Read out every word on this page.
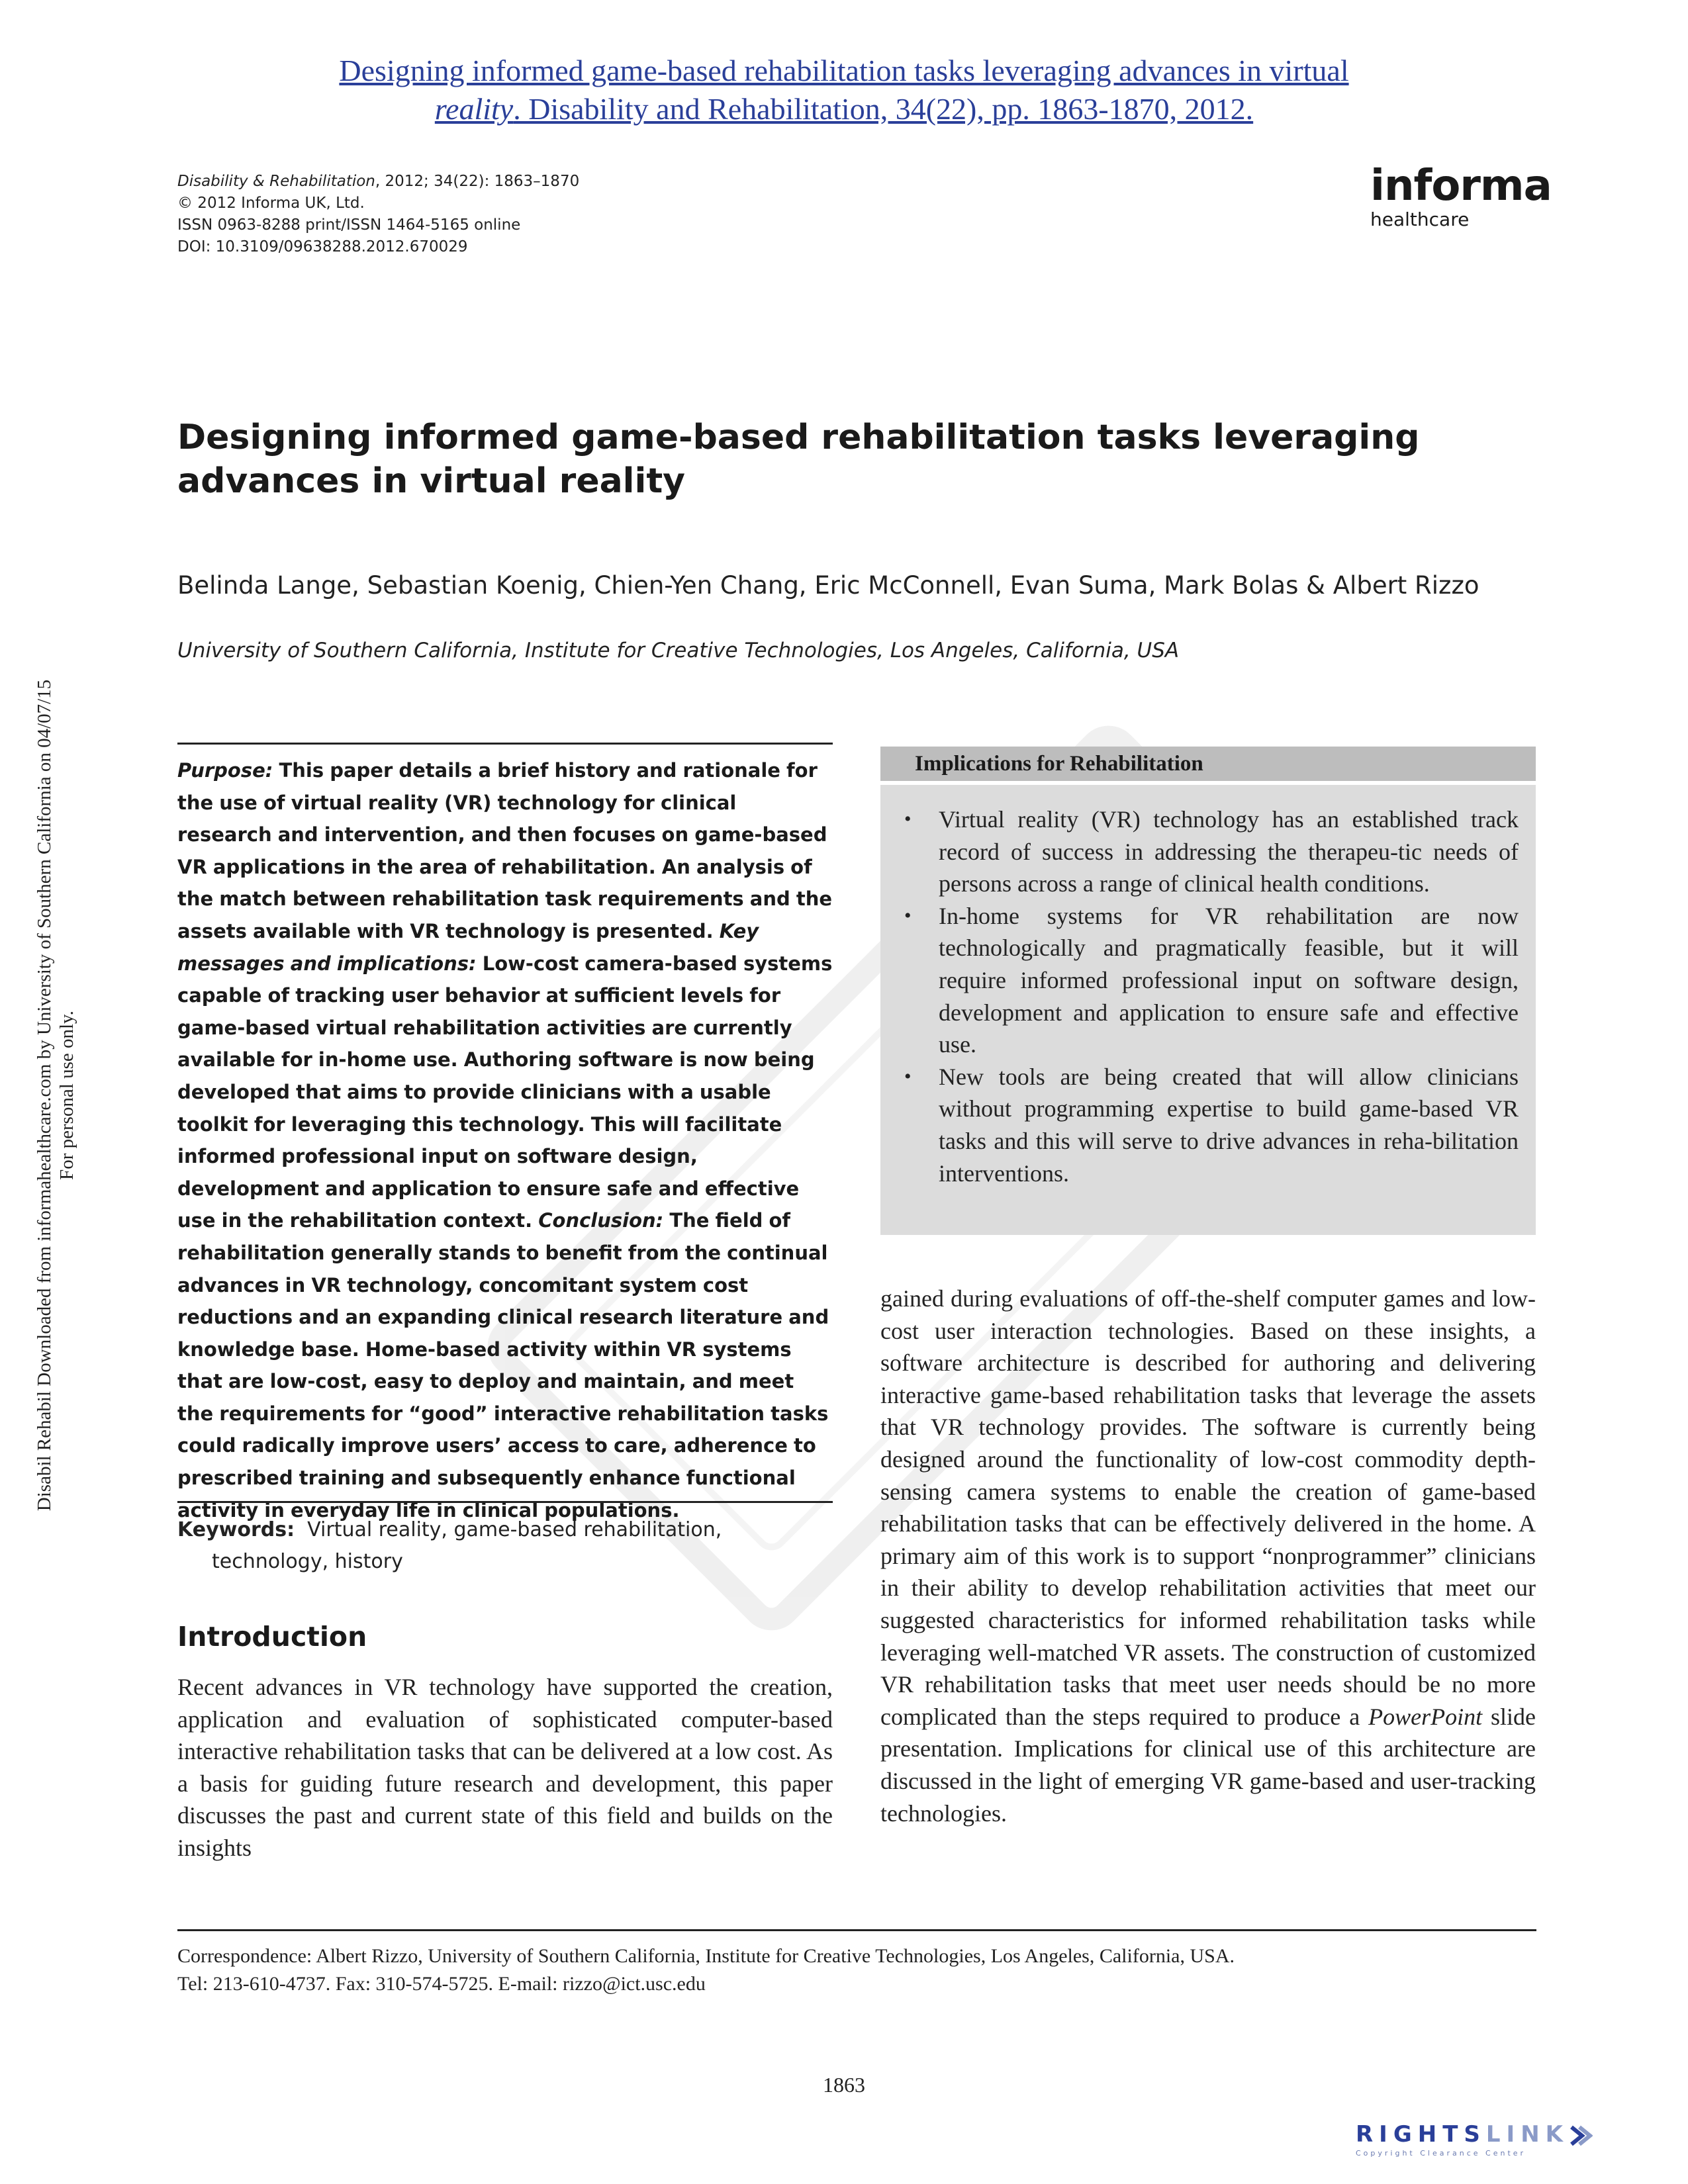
Designing informed game-based rehabilitation tasks leveraging advances in virtual
reality. Disability and Rehabilitation, 34(22), pp. 1863-1870, 2012.
Disability & Rehabilitation, 2012; 34(22): 1863–1870
© 2012 Informa UK, Ltd.
ISSN 0963-8288 print/ISSN 1464-5165 online
DOI: 10.3109/09638288.2012.670029
informa
healthcare
Designing informed game-based rehabilitation tasks leveraging advances in virtual reality
Belinda Lange, Sebastian Koenig, Chien-Yen Chang, Eric McConnell, Evan Suma, Mark Bolas & Albert Rizzo
University of Southern California, Institute for Creative Technologies, Los Angeles, California, USA
Disabil Rehabil Downloaded from informahealthcare.com by University of Southern California on 04/07/15 For personal use only.

Purpose: This paper details a brief history and rationale for the use of virtual reality (VR) technology for clinical research and intervention, and then focuses on game-based VR applications in the area of rehabilitation. An analysis of the match between rehabilitation task requirements and the assets available with VR technology is presented. Key messages and implications: Low-cost camera-based systems capable of tracking user behavior at sufficient levels for game-based virtual rehabilitation activities are currently available for in-home use. Authoring software is now being developed that aims to provide clinicians with a usable toolkit for leveraging this technology. This will facilitate informed professional input on software design, development and application to ensure safe and effective use in the rehabilitation context. Conclusion: The field of rehabilitation generally stands to benefit from the continual advances in VR technology, concomitant system cost reductions and an expanding clinical research literature and knowledge base. Home-based activity within VR systems that are low-cost, easy to deploy and maintain, and meet the requirements for “good” interactive rehabilitation tasks could radically improve users’ access to care, adherence to prescribed training and subsequently enhance functional activity in everyday life in clinical populations.

Keywords: Virtual reality, game-based rehabilitation,
technology, history
Introduction

Recent advances in VR technology have supported the creation, application and evaluation of sophisticated computer-based interactive rehabilitation tasks that can be delivered at a low cost. As a basis for guiding future research and development, this paper discusses the past and current state of this field and builds on the insights

Implications for Rehabilitation
•	Virtual reality (VR) technology has an established track record of success in addressing the therapeu-tic needs of persons across a range of clinical health conditions.
•	In-home systems for VR rehabilitation are now technologically and pragmatically feasible, but it will require informed professional input on software design, development and application to ensure safe and effective use.
•	New tools are being created that will allow clinicians without programming expertise to build game-based VR tasks and this will serve to drive advances in reha-bilitation interventions.

gained during evaluations of off-the-shelf computer games and low-cost user interaction technologies. Based on these insights, a software architecture is described for authoring and delivering interactive game-based rehabilitation tasks that leverage the assets that VR technology provides. The software is currently being designed around the functionality of low-cost commodity depth-sensing camera systems to enable the creation of game-based rehabilitation tasks that can be effectively delivered in the home. A primary aim of this work is to support “nonprogrammer” clinicians in their ability to develop rehabilitation activities that meet our suggested characteristics for informed rehabilitation tasks while leveraging well-matched VR assets. The construction of customized VR rehabilitation tasks that meet user needs should be no more complicated than the steps required to produce a PowerPoint slide presentation. Implications for clinical use of this architecture are discussed in the light of emerging VR game-based and user-tracking technologies.

Correspondence: Albert Rizzo, University of Southern California, Institute for Creative Technologies, Los Angeles, California, USA.
Tel: 213-610-4737. Fax: 310-574-5725. E-mail: rizzo@ict.usc.edu
1863
RIGHTSLINK
Copyright Clearance Center
